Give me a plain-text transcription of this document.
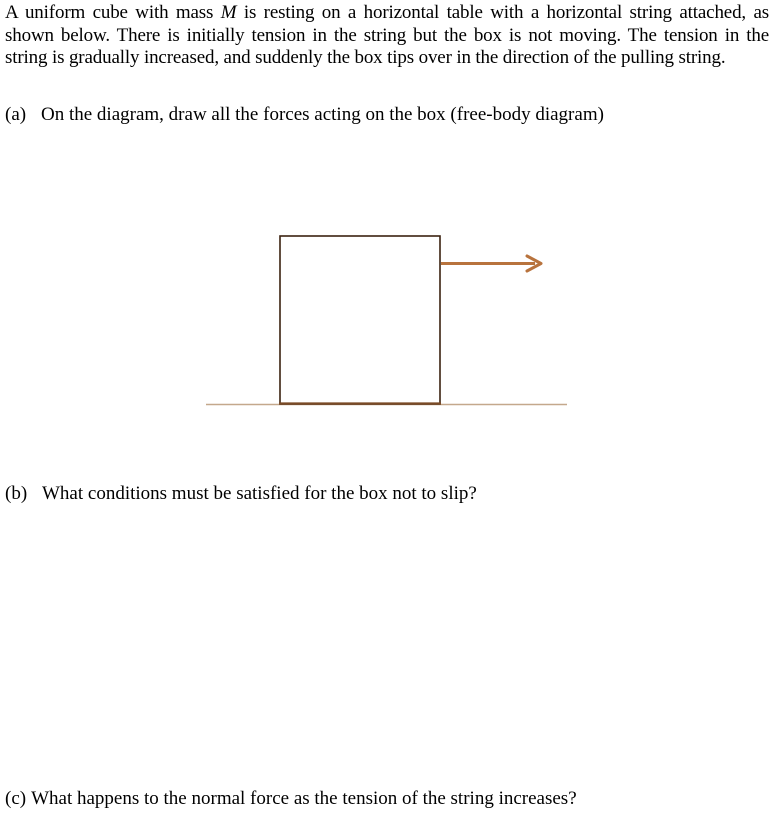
A uniform cube with mass M is resting on a horizontal table with a horizontal string attached, as shown below. There is initially tension in the string but the box is not moving. The tension in the string is gradually increased, and suddenly the box tips over in the direction of the pulling string.

(a) On the diagram, draw all the forces acting on the box (free-body diagram)

(b) What conditions must be satisfied for the box not to slip?

(c) What happens to the normal force as the tension of the string increases?
